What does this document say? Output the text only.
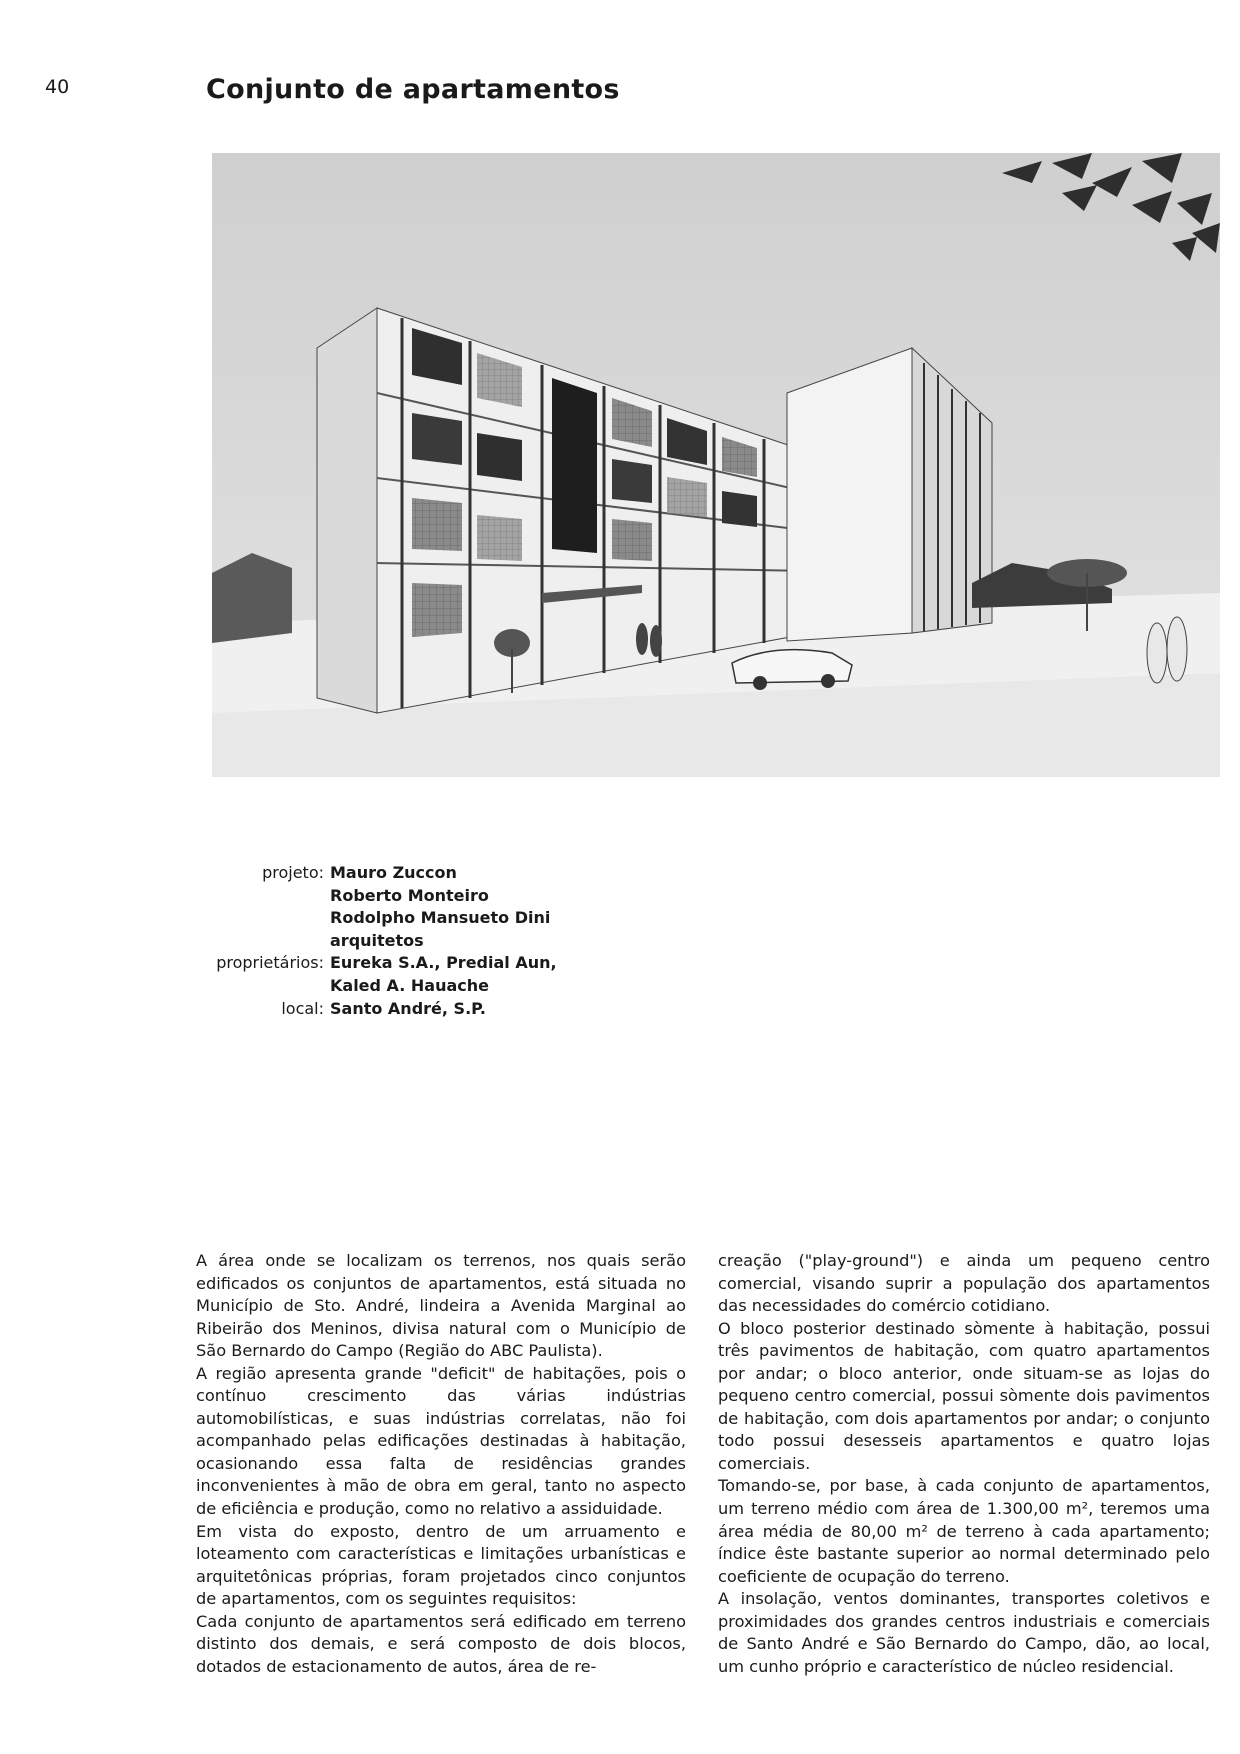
40	Conjunto de apartamentos
projeto: Mauro Zuccon
Roberto Monteiro
Rodolpho Mansueto Dini
arquitetos
proprietários: Eureka S.A., Predial Aun,
Kaled A. Hauache
local: Santo André, S.P.

A área onde se localizam os terrenos, nos quais serão edificados os conjuntos de apartamentos, está situada no Município de Sto. André, lindeira a Avenida Marginal ao Ribeirão dos Meninos, divisa natural com o Município de São Bernardo do Campo (Região do ABC Paulista).

A região apresenta grande "deficit" de habitações, pois o contínuo crescimento das várias indústrias automobilísticas, e suas indústrias correlatas, não foi acompanhado pelas edificações destinadas à habitação, ocasionando essa falta de residências grandes inconvenientes à mão de obra em geral, tanto no aspecto de eficiência e produção, como no relativo a assiduidade.

Em vista do exposto, dentro de um arruamento e loteamento com características e limitações urbanísticas e arquitetônicas próprias, foram projetados cinco conjuntos de apartamentos, com os seguintes requisitos:

Cada conjunto de apartamentos será edificado em terreno distinto dos demais, e será composto de dois blocos, dotados de estacionamento de autos, área de re-

creação ("play-ground") e ainda um pequeno centro comercial, visando suprir a população dos apartamentos das necessidades do comércio cotidiano.

O bloco posterior destinado sòmente à habitação, possui três pavimentos de habitação, com quatro apartamentos por andar; o bloco anterior, onde situam-se as lojas do pequeno centro comercial, possui sòmente dois pavimentos de habitação, com dois apartamentos por andar; o conjunto todo possui desesseis apartamentos e quatro lojas comerciais.

Tomando-se, por base, à cada conjunto de apartamentos, um terreno médio com área de 1.300,00 m², teremos uma área média de 80,00 m² de terreno à cada apartamento; índice êste bastante superior ao normal determinado pelo coeficiente de ocupação do terreno.

A insolação, ventos dominantes, transportes coletivos e proximidades dos grandes centros industriais e comerciais de Santo André e São Bernardo do Campo, dão, ao local, um cunho próprio e característico de núcleo residencial.
